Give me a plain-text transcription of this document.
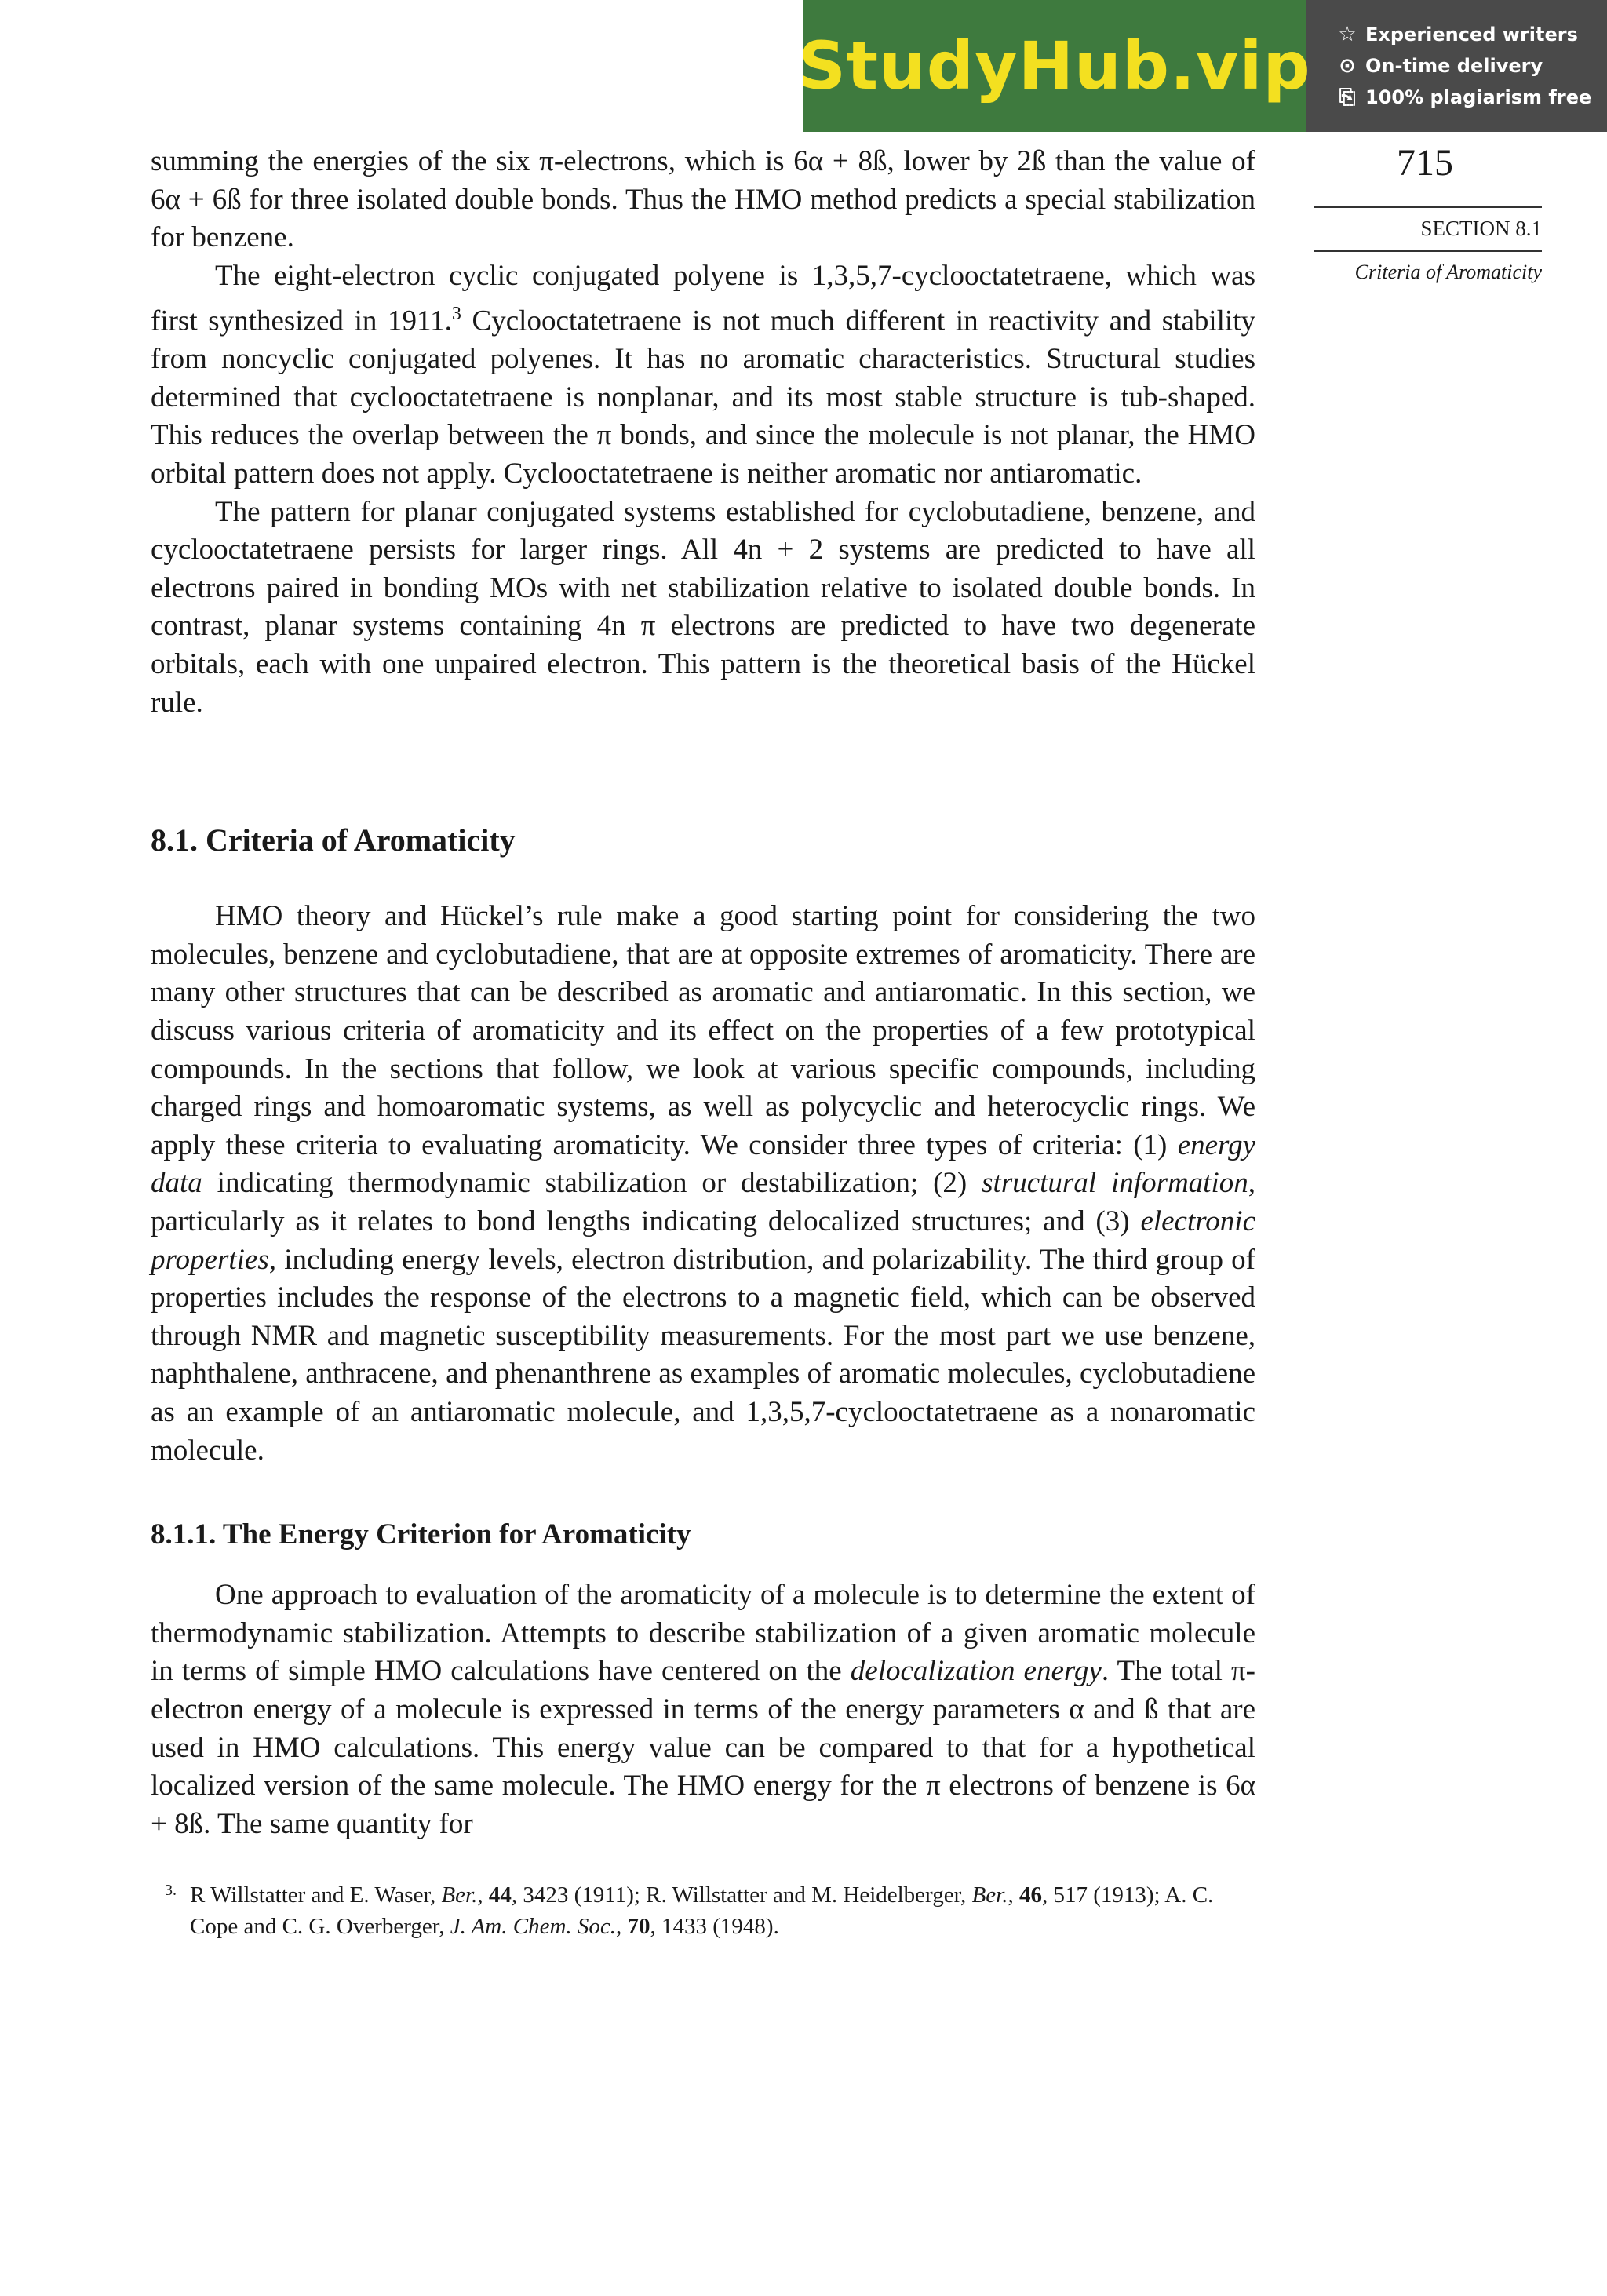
StudyHub.vip ☆ Experienced writers
⊙ On-time delivery
⎘ 100% plagiarism free
715
SECTION 8.1
Criteria of Aromaticity

summing the energies of the six π-electrons, which is 6α + 8ß, lower by 2ß than the value of 6α + 6ß for three isolated double bonds. Thus the HMO method predicts a special stabilization for benzene.

The eight-electron cyclic conjugated polyene is 1,3,5,7-cyclooctatetraene, which was first synthesized in 1911.$^3$ Cyclooctatetraene is not much different in reactivity and stability from noncyclic conjugated polyenes. It has no aromatic characteristics. Structural studies determined that cyclooctatetraene is nonplanar, and its most stable structure is tub-shaped. This reduces the overlap between the π bonds, and since the molecule is not planar, the HMO orbital pattern does not apply. Cyclooctatetraene is neither aromatic nor antiaromatic.

The pattern for planar conjugated systems established for cyclobutadiene, benzene, and cyclooctatetraene persists for larger rings. All 4n + 2 systems are predicted to have all electrons paired in bonding MOs with net stabilization relative to isolated double bonds. In contrast, planar systems containing 4n π electrons are predicted to have two degenerate orbitals, each with one unpaired electron. This pattern is the theoretical basis of the Hückel rule.

8.1. Criteria of Aromaticity

HMO theory and Hückel’s rule make a good starting point for considering the two molecules, benzene and cyclobutadiene, that are at opposite extremes of aromaticity. There are many other structures that can be described as aromatic and antiaromatic. In this section, we discuss various criteria of aromaticity and its effect on the properties of a few prototypical compounds. In the sections that follow, we look at various specific compounds, including charged rings and homoaromatic systems, as well as polycyclic and heterocyclic rings. We apply these criteria to evaluating aromaticity. We consider three types of criteria: (1) energy data indicating thermodynamic stabilization or destabilization; (2) structural information, particularly as it relates to bond lengths indicating delocalized structures; and (3) electronic properties, including energy levels, electron distribution, and polarizability. The third group of properties includes the response of the electrons to a magnetic field, which can be observed through NMR and magnetic susceptibility measurements. For the most part we use benzene, naphthalene, anthracene, and phenanthrene as examples of aromatic molecules, cyclobutadiene as an example of an antiaromatic molecule, and 1,3,5,7-cyclooctatetraene as a nonaromatic molecule.

8.1.1. The Energy Criterion for Aromaticity

One approach to evaluation of the aromaticity of a molecule is to determine the extent of thermodynamic stabilization. Attempts to describe stabilization of a given aromatic molecule in terms of simple HMO calculations have centered on the delocalization energy. The total π-electron energy of a molecule is expressed in terms of the energy parameters α and ß that are used in HMO calculations. This energy value can be compared to that for a hypothetical localized version of the same molecule. The HMO energy for the π electrons of benzene is 6α + 8ß. The same quantity for

3. R Willstatter and E. Waser, Ber., 44, 3423 (1911); R. Willstatter and M. Heidelberger, Ber., 46, 517 (1913); A. C. Cope and C. G. Overberger, J. Am. Chem. Soc., 70, 1433 (1948).
